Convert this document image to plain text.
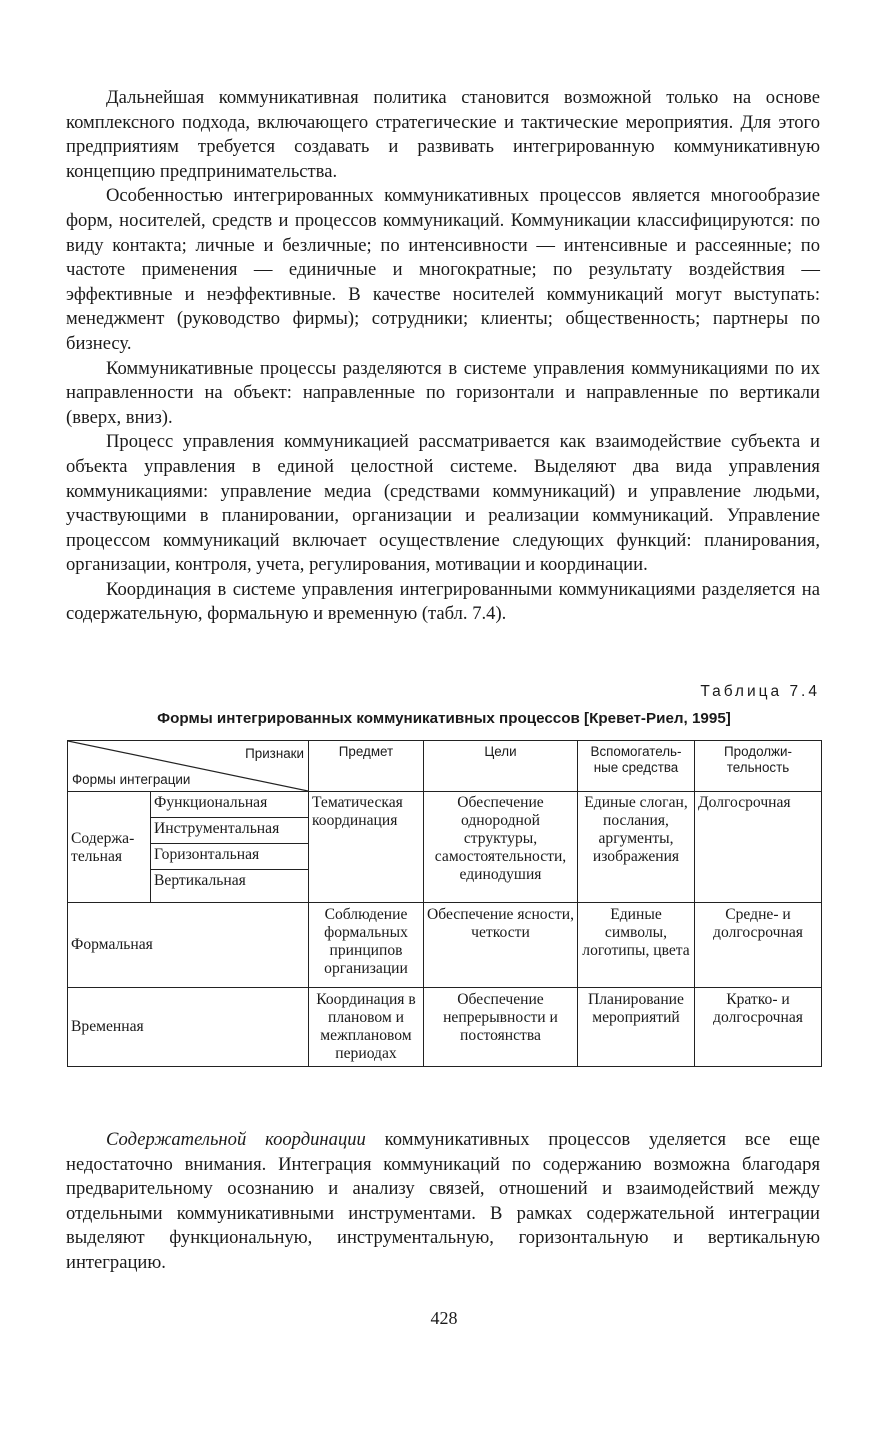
Дальнейшая коммуникативная политика становится возможной только на основе комплексного подхода, включающего стратегические и тактические мероприятия. Для этого предприятиям требуется создавать и развивать интегрированную коммуникативную концепцию предпринимательства.

Особенностью интегрированных коммуникативных процессов является многообразие форм, носителей, средств и процессов коммуникаций. Коммуникации классифицируются: по виду контакта; личные и безличные; по интенсивности — интенсивные и рассеянные; по частоте применения — единичные и многократные; по результату воздействия — эффективные и неэффективные. В качестве носителей коммуникаций могут выступать: менеджмент (руководство фирмы); сотрудники; клиенты; общественность; партнеры по бизнесу.

Коммуникативные процессы разделяются в системе управления коммуникациями по их направленности на объект: направленные по горизонтали и направленные по вертикали (вверх, вниз).

Процесс управления коммуникацией рассматривается как взаимодействие субъекта и объекта управления в единой целостной системе. Выделяют два вида управления коммуникациями: управление медиа (средствами коммуникаций) и управление людьми, участвующими в планировании, организации и реализации коммуникаций. Управление процессом коммуникаций включает осуществление следующих функций: планирования, организации, контроля, учета, регулирования, мотивации и координации.

Координация в системе управления интегрированными коммуникациями разделяется на содержательную, формальную и временную (табл. 7.4).

Таблица 7.4
Формы интегрированных коммуникативных процессов [Кревет-Риел, 1995]
Признаки
Формы интеграции		Предмет	Цели	Вспомогатель-ные средства	Продолжи-тельность
Содержа-тельная	Функциональная	Тематическая координация	Обеспечение однородной структуры, самостоятельности, единодушия	Единые слоган, послания, аргументы, изображения	Долгосрочная
	Инструментальная				
	Горизонтальная				
	Вертикальная				
Формальная		Соблюдение формальных принципов организации	Обеспечение ясности, четкости	Единые символы, логотипы, цвета	Средне- и долгосрочная
Временная		Координация в плановом и межплановом периодах	Обеспечение непрерывности и постоянства	Планирование мероприятий	Кратко- и долгосрочная

Содержательной координации коммуникативных процессов уделяется все еще недостаточно внимания. Интеграция коммуникаций по содержанию возможна благодаря предварительному осознанию и анализу связей, отношений и взаимодействий между отдельными коммуникативными инструментами. В рамках содержательной интеграции выделяют функциональную, инструментальную, горизонтальную и вертикальную интеграцию.

428
